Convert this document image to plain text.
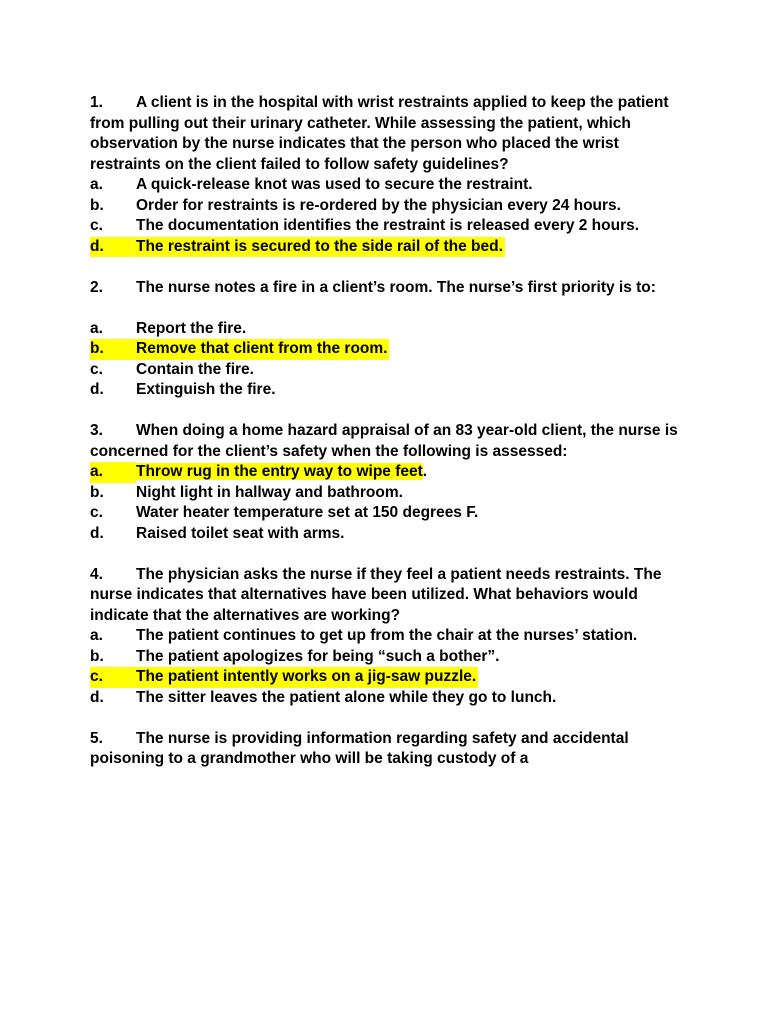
1. A client is in the hospital with wrist restraints applied to keep the patient from pulling out their urinary catheter. While assessing the patient, which observation by the nurse indicates that the person who placed the wrist restraints on the client failed to follow safety guidelines?
a.	A quick-release knot was used to secure the restraint.
b.	Order for restraints is re-ordered by the physician every 24 hours.
c.	The documentation identifies the restraint is released every 2 hours.
d.	The restraint is secured to the side rail of the bed.
2. The nurse notes a fire in a client’s room. The nurse’s first priority is to:
a.	Report the fire.
b.	Remove that client from the room.
c.	Contain the fire.
d.	Extinguish the fire.
3. When doing a home hazard appraisal of an 83 year-old client, the nurse is concerned for the client’s safety when the following is assessed:
a.	Throw rug in the entry way to wipe feet.
b.	Night light in hallway and bathroom.
c.	Water heater temperature set at 150 degrees F.
d.	Raised toilet seat with arms.
4. The physician asks the nurse if they feel a patient needs restraints. The nurse indicates that alternatives have been utilized. What behaviors would indicate that the alternatives are working?
a.	The patient continues to get up from the chair at the nurses’ station.
b.	The patient apologizes for being “such a bother”.
c.	The patient intently works on a jig-saw puzzle.
d.	The sitter leaves the patient alone while they go to lunch.
5. The nurse is providing information regarding safety and accidental poisoning to a grandmother who will be taking custody of a
